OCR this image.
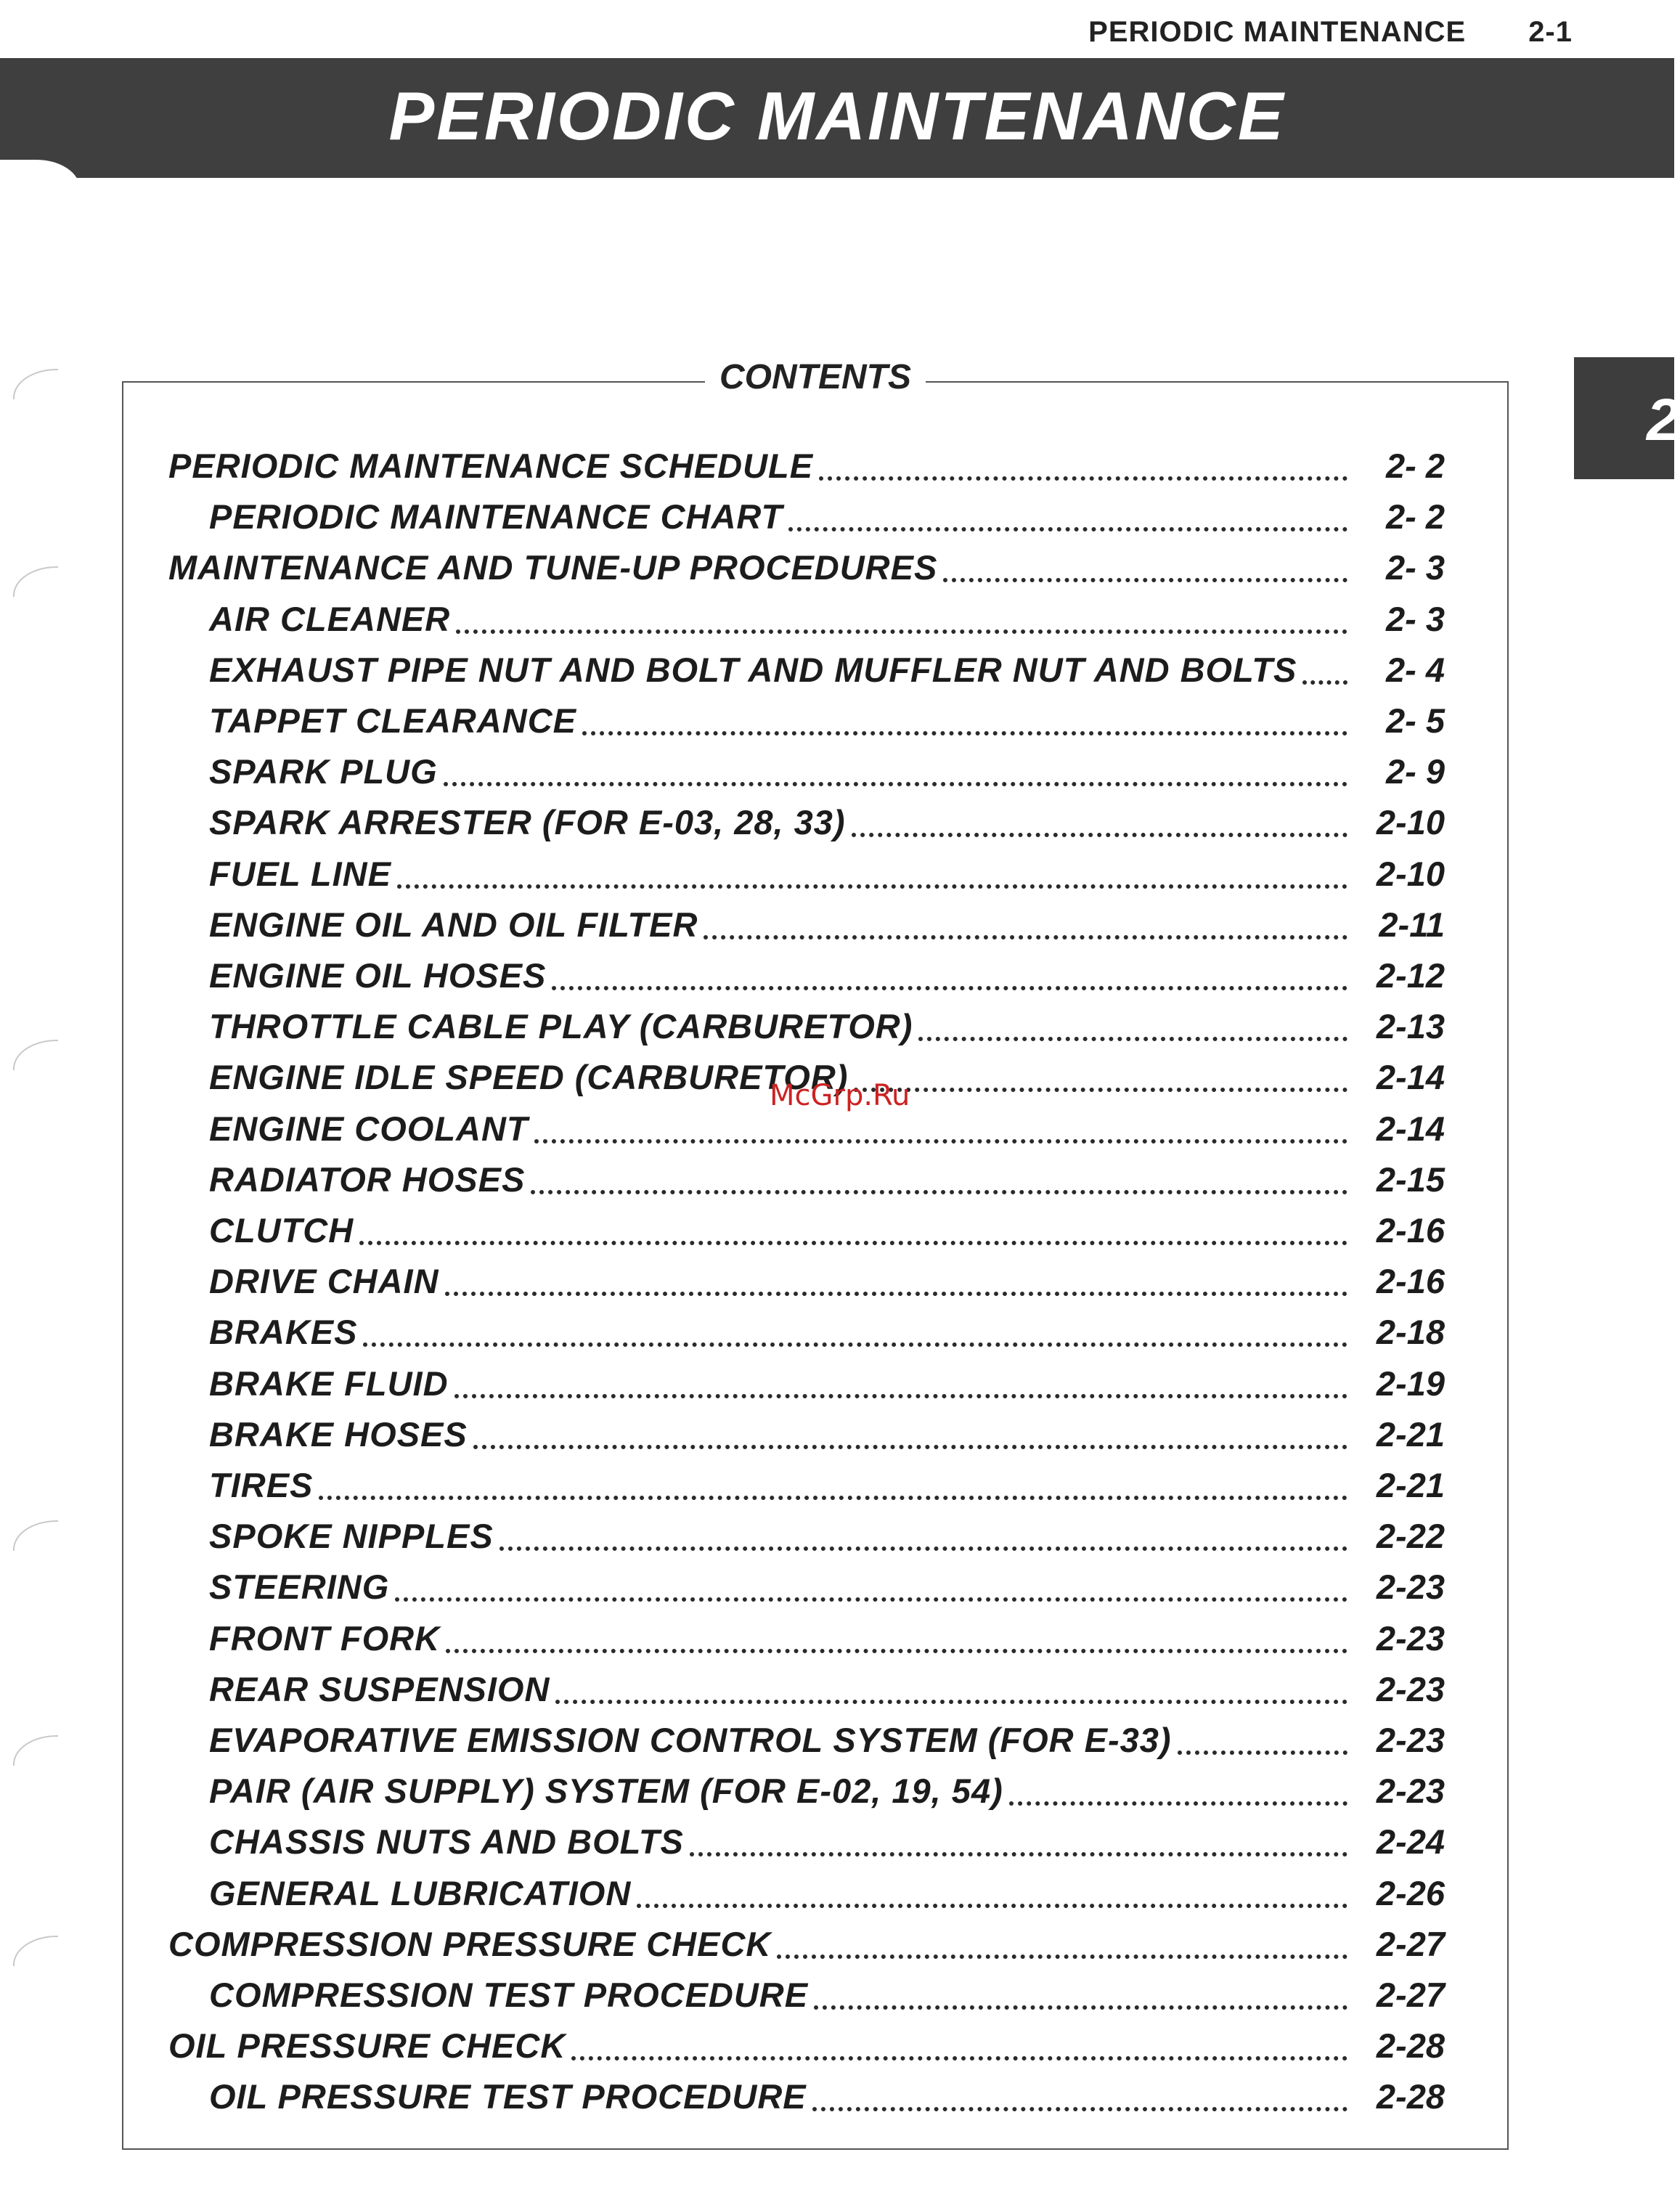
PERIODIC MAINTENANCE 2-1
PERIODIC MAINTENANCE
2
CONTENTS
PERIODIC MAINTENANCE SCHEDULE	2- 2
PERIODIC MAINTENANCE CHART	2- 2
MAINTENANCE AND TUNE-UP PROCEDURES	2- 3
AIR CLEANER	2- 3
EXHAUST PIPE NUT AND BOLT AND MUFFLER NUT AND BOLTS	2- 4
TAPPET CLEARANCE	2- 5
SPARK PLUG	2- 9
SPARK ARRESTER (FOR E-03, 28, 33)	2-10
FUEL LINE	2-10
ENGINE OIL AND OIL FILTER	2-11
ENGINE OIL HOSES	2-12
THROTTLE CABLE PLAY (CARBURETOR)	2-13
ENGINE IDLE SPEED (CARBURETOR)	2-14
ENGINE COOLANT	2-14
RADIATOR HOSES	2-15
CLUTCH	2-16
DRIVE CHAIN	2-16
BRAKES	2-18
BRAKE FLUID	2-19
BRAKE HOSES	2-21
TIRES	2-21
SPOKE NIPPLES	2-22
STEERING	2-23
FRONT FORK	2-23
REAR SUSPENSION	2-23
EVAPORATIVE EMISSION CONTROL SYSTEM (FOR E-33)	2-23
PAIR (AIR SUPPLY) SYSTEM (FOR E-02, 19, 54)	2-23
CHASSIS NUTS AND BOLTS	2-24
GENERAL LUBRICATION	2-26
COMPRESSION PRESSURE CHECK	2-27
COMPRESSION TEST PROCEDURE	2-27
OIL PRESSURE CHECK	2-28
OIL PRESSURE TEST PROCEDURE	2-28
McGrp.Ru
